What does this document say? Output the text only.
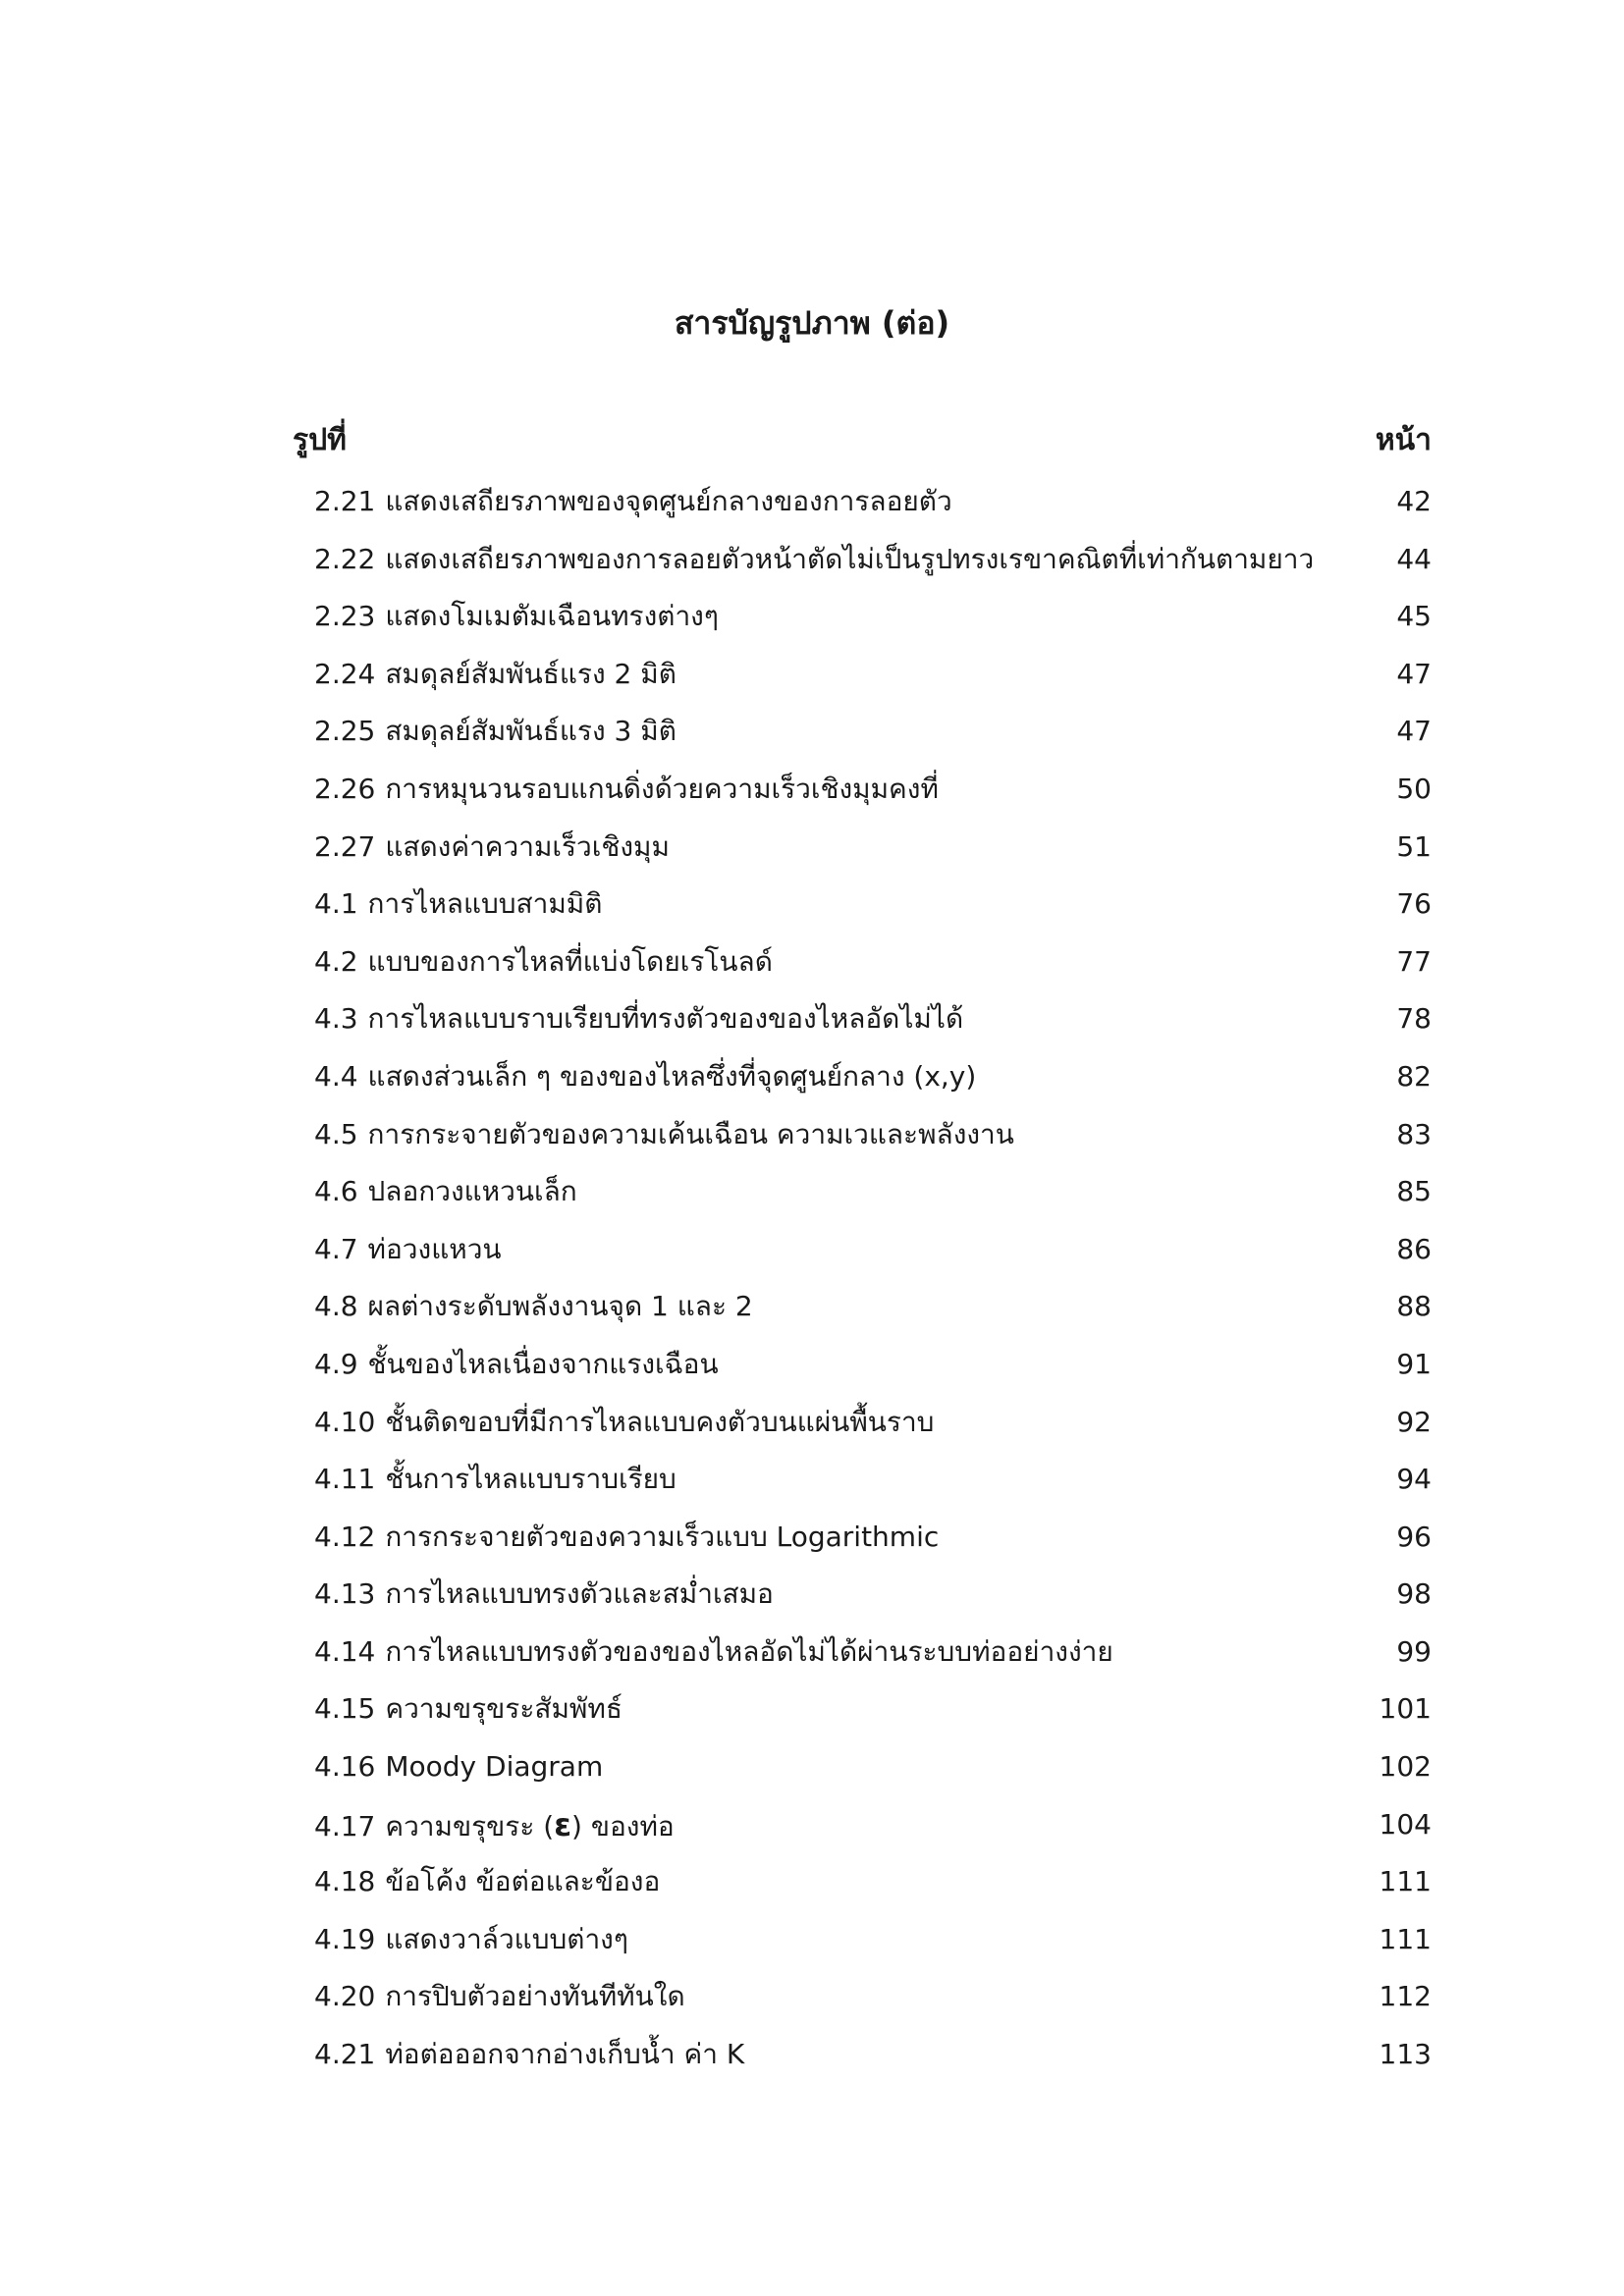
สารบัญรูปภาพ (ต่อ)
รูปที่	หน้า
2.21 แสดงเสถียรภาพของจุดศูนย์กลางของการลอยตัว	42
2.22 แสดงเสถียรภาพของการลอยตัวหน้าตัดไม่เป็นรูปทรงเรขาคณิตที่เท่ากันตามยาว	44
2.23 แสดงโมเมตัมเฉือนทรงต่างๆ	45
2.24 สมดุลย์สัมพันธ์แรง 2 มิติ	47
2.25 สมดุลย์สัมพันธ์แรง 3 มิติ	47
2.26 การหมุนวนรอบแกนดิ่งด้วยความเร็วเชิงมุมคงที่	50
2.27 แสดงค่าความเร็วเชิงมุม	51
4.1 การไหลแบบสามมิติ	76
4.2 แบบของการไหลที่แบ่งโดยเรโนลด์	77
4.3 การไหลแบบราบเรียบที่ทรงตัวของของไหลอัดไม่ได้	78
4.4 แสดงส่วนเล็ก ๆ ของของไหลซึ่งที่จุดศูนย์กลาง (x,y)	82
4.5 การกระจายตัวของความเค้นเฉือน ความเวและพลังงาน	83
4.6 ปลอกวงแหวนเล็ก	85
4.7 ท่อวงแหวน	86
4.8 ผลต่างระดับพลังงานจุด 1 และ 2	88
4.9 ชั้นของไหลเนื่องจากแรงเฉือน	91
4.10 ชั้นติดขอบที่มีการไหลแบบคงตัวบนแผ่นพื้นราบ	92
4.11 ชั้นการไหลแบบราบเรียบ	94
4.12 การกระจายตัวของความเร็วแบบ Logarithmic	96
4.13 การไหลแบบทรงตัวและสม่ำเสมอ	98
4.14 การไหลแบบทรงตัวของของไหลอัดไม่ได้ผ่านระบบท่ออย่างง่าย	99
4.15 ความขรุขระสัมพัทธ์	101
4.16 Moody Diagram	102
4.17 ความขรุขระ (ε) ของท่อ	104
4.18 ข้อโค้ง ข้อต่อและข้องอ	111
4.19 แสดงวาล์วแบบต่างๆ	111
4.20 การปิบตัวอย่างทันทีทันใด	112
4.21 ท่อต่อออกจากอ่างเก็บน้ำ ค่า K	113
